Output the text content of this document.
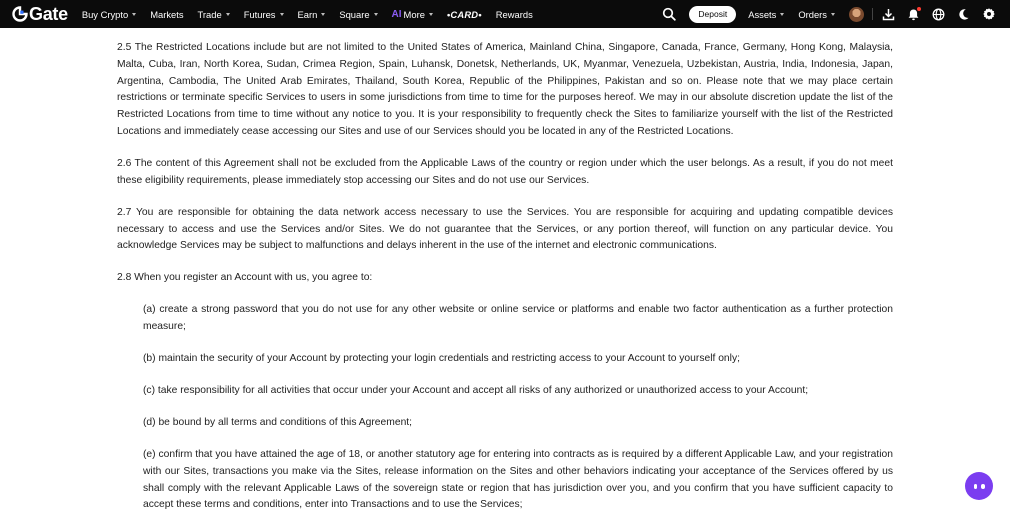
Gate Buy Crypto Markets Trade Futures Earn Square AI More •CARD• Rewards	Deposit	Assets Orders

2.5 The Restricted Locations include but are not limited to the United States of America, Mainland China, Singapore, Canada, France, Germany, Hong Kong, Malaysia, Malta, Cuba, Iran, North Korea, Sudan, Crimea Region, Spain, Luhansk, Donetsk, Netherlands, UK, Myanmar, Venezuela, Uzbekistan, Austria, India, Indonesia, Japan, Argentina, Cambodia, The United Arab Emirates, Thailand, South Korea, Republic of the Philippines, Pakistan and so on. Please note that we may place certain restrictions or terminate specific Services to users in some jurisdictions from time to time for the purposes hereof. We may in our absolute discretion update the list of the Restricted Locations from time to time without any notice to you. It is your responsibility to frequently check the Sites to familiarize yourself with the list of the Restricted Locations and immediately cease accessing our Sites and use of our Services should you be located in any of the Restricted Locations.

2.6 The content of this Agreement shall not be excluded from the Applicable Laws of the country or region under which the user belongs. As a result, if you do not meet these eligibility requirements, please immediately stop accessing our Sites and do not use our Services.

2.7 You are responsible for obtaining the data network access necessary to use the Services. You are responsible for acquiring and updating compatible devices necessary to access and use the Services and/or Sites. We do not guarantee that the Services, or any portion thereof, will function on any particular device. You acknowledge Services may be subject to malfunctions and delays inherent in the use of the internet and electronic communications.

2.8 When you register an Account with us, you agree to:

(a) create a strong password that you do not use for any other website or online service or platforms and enable two factor authentication as a further protection measure;

(b) maintain the security of your Account by protecting your login credentials and restricting access to your Account to yourself only;

(c) take responsibility for all activities that occur under your Account and accept all risks of any authorized or unauthorized access to your Account;

(d) be bound by all terms and conditions of this Agreement;

(e) confirm that you have attained the age of 18, or another statutory age for entering into contracts as is required by a different Applicable Law, and your registration with our Sites, transactions you make via the Sites, release information on the Sites and other behaviors indicating your acceptance of the Services offered by us shall comply with the relevant Applicable Laws of the sovereign state or region that has jurisdiction over you, and you confirm that you have sufficient capacity to accept these terms and conditions, enter into Transactions and to use the Services;
